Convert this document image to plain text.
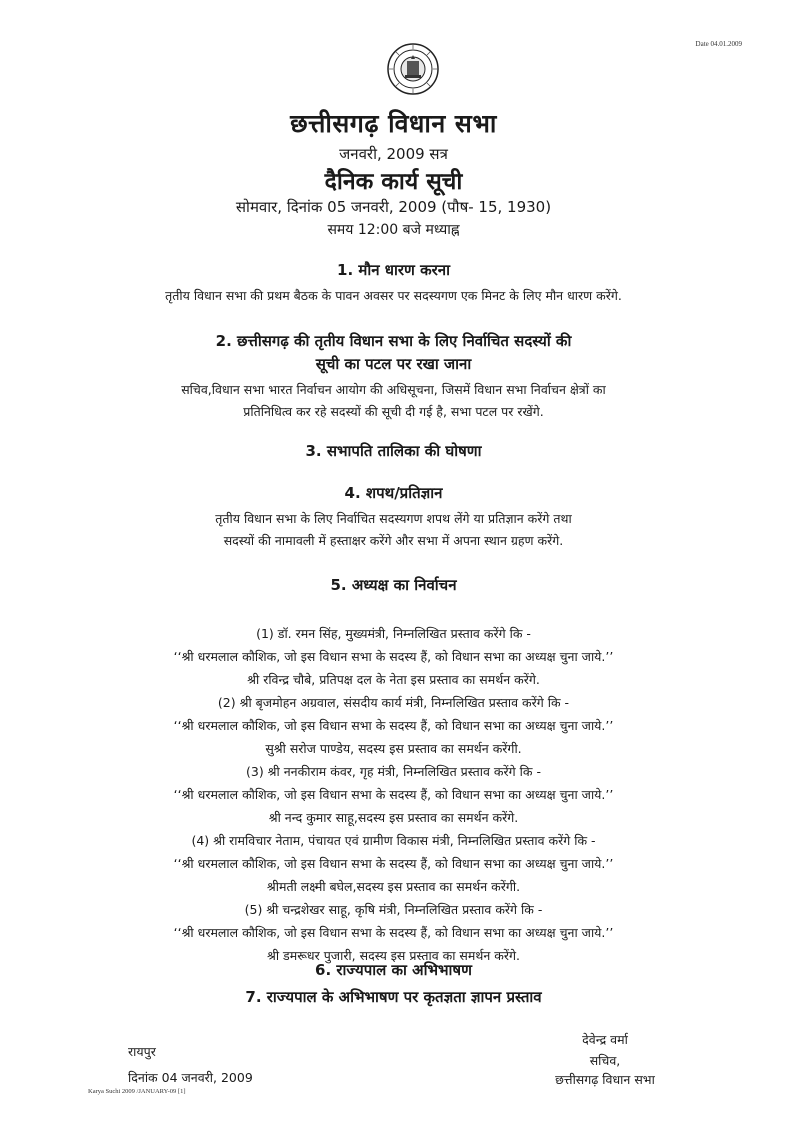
Date 04.01.2009
छत्तीसगढ़ विधान सभा
जनवरी, 2009 सत्र
दैनिक कार्य सूची
सोमवार, दिनांक 05 जनवरी, 2009 (पौष- 15, 1930)
समय 12:00 बजे मध्याह्न
1. मौन धारण करना
तृतीय विधान सभा की प्रथम बैठक के पावन अवसर पर सदस्यगण एक मिनट के लिए मौन धारण करेंगे.
2. छत्तीसगढ़ की तृतीय विधान सभा के लिए निर्वाचित सदस्यों की
सूची का पटल पर रखा जाना
सचिव,विधान सभा भारत निर्वाचन आयोग की अधिसूचना, जिसमें विधान सभा निर्वाचन क्षेत्रों का
प्रतिनिधित्व कर रहे सदस्यों की सूची दी गई है, सभा पटल पर रखेंगे.
3. सभापति तालिका की घोषणा
4. शपथ/प्रतिज्ञान
तृतीय विधान सभा के लिए निर्वाचित सदस्यगण शपथ लेंगे या प्रतिज्ञान करेंगे तथा
सदस्यों की नामावली में हस्ताक्षर करेंगे और सभा में अपना स्थान ग्रहण करेंगे.
5. अध्यक्ष का निर्वाचन
(1) डॉ. रमन सिंह, मुख्यमंत्री, निम्नलिखित प्रस्ताव करेंगे कि -
‘‘श्री धरमलाल कौशिक, जो इस विधान सभा के सदस्य हैं, को विधान सभा का अध्यक्ष चुना जाये.’’
श्री रविन्द्र चौबे, प्रतिपक्ष दल के नेता इस प्रस्ताव का समर्थन करेंगे.
(2) श्री बृजमोहन अग्रवाल, संसदीय कार्य मंत्री, निम्नलिखित प्रस्ताव करेंगे कि -
‘‘श्री धरमलाल कौशिक, जो इस विधान सभा के सदस्य हैं, को विधान सभा का अध्यक्ष चुना जाये.’’
सुश्री सरोज पाण्डेय, सदस्य इस प्रस्ताव का समर्थन करेंगी.
(3) श्री ननकीराम कंवर, गृह मंत्री, निम्नलिखित प्रस्ताव करेंगे कि -
‘‘श्री धरमलाल कौशिक, जो इस विधान सभा के सदस्य हैं, को विधान सभा का अध्यक्ष चुना जाये.’’
श्री नन्द कुमार साहू,सदस्य इस प्रस्ताव का समर्थन करेंगे.
(4) श्री रामविचार नेताम, पंचायत एवं ग्रामीण विकास मंत्री, निम्नलिखित प्रस्ताव करेंगे कि -
‘‘श्री धरमलाल कौशिक, जो इस विधान सभा के सदस्य हैं, को विधान सभा का अध्यक्ष चुना जाये.’’
श्रीमती लक्ष्मी बघेल,सदस्य इस प्रस्ताव का समर्थन करेंगी.
(5) श्री चन्द्रशेखर साहू, कृषि मंत्री, निम्नलिखित प्रस्ताव करेंगे कि -
‘‘श्री धरमलाल कौशिक, जो इस विधान सभा के सदस्य हैं, को विधान सभा का अध्यक्ष चुना जाये.’’
श्री डमरूधर पुजारी, सदस्य इस प्रस्ताव का समर्थन करेंगे.
6. राज्यपाल का अभिभाषण
7. राज्यपाल के अभिभाषण पर कृतज्ञता ज्ञापन प्रस्ताव
रायपुर
दिनांक 04 जनवरी, 2009
Karya Suchi 2009 /JANUARY-09 [1]
देवेन्द्र वर्मा
सचिव,
छत्तीसगढ़ विधान सभा
